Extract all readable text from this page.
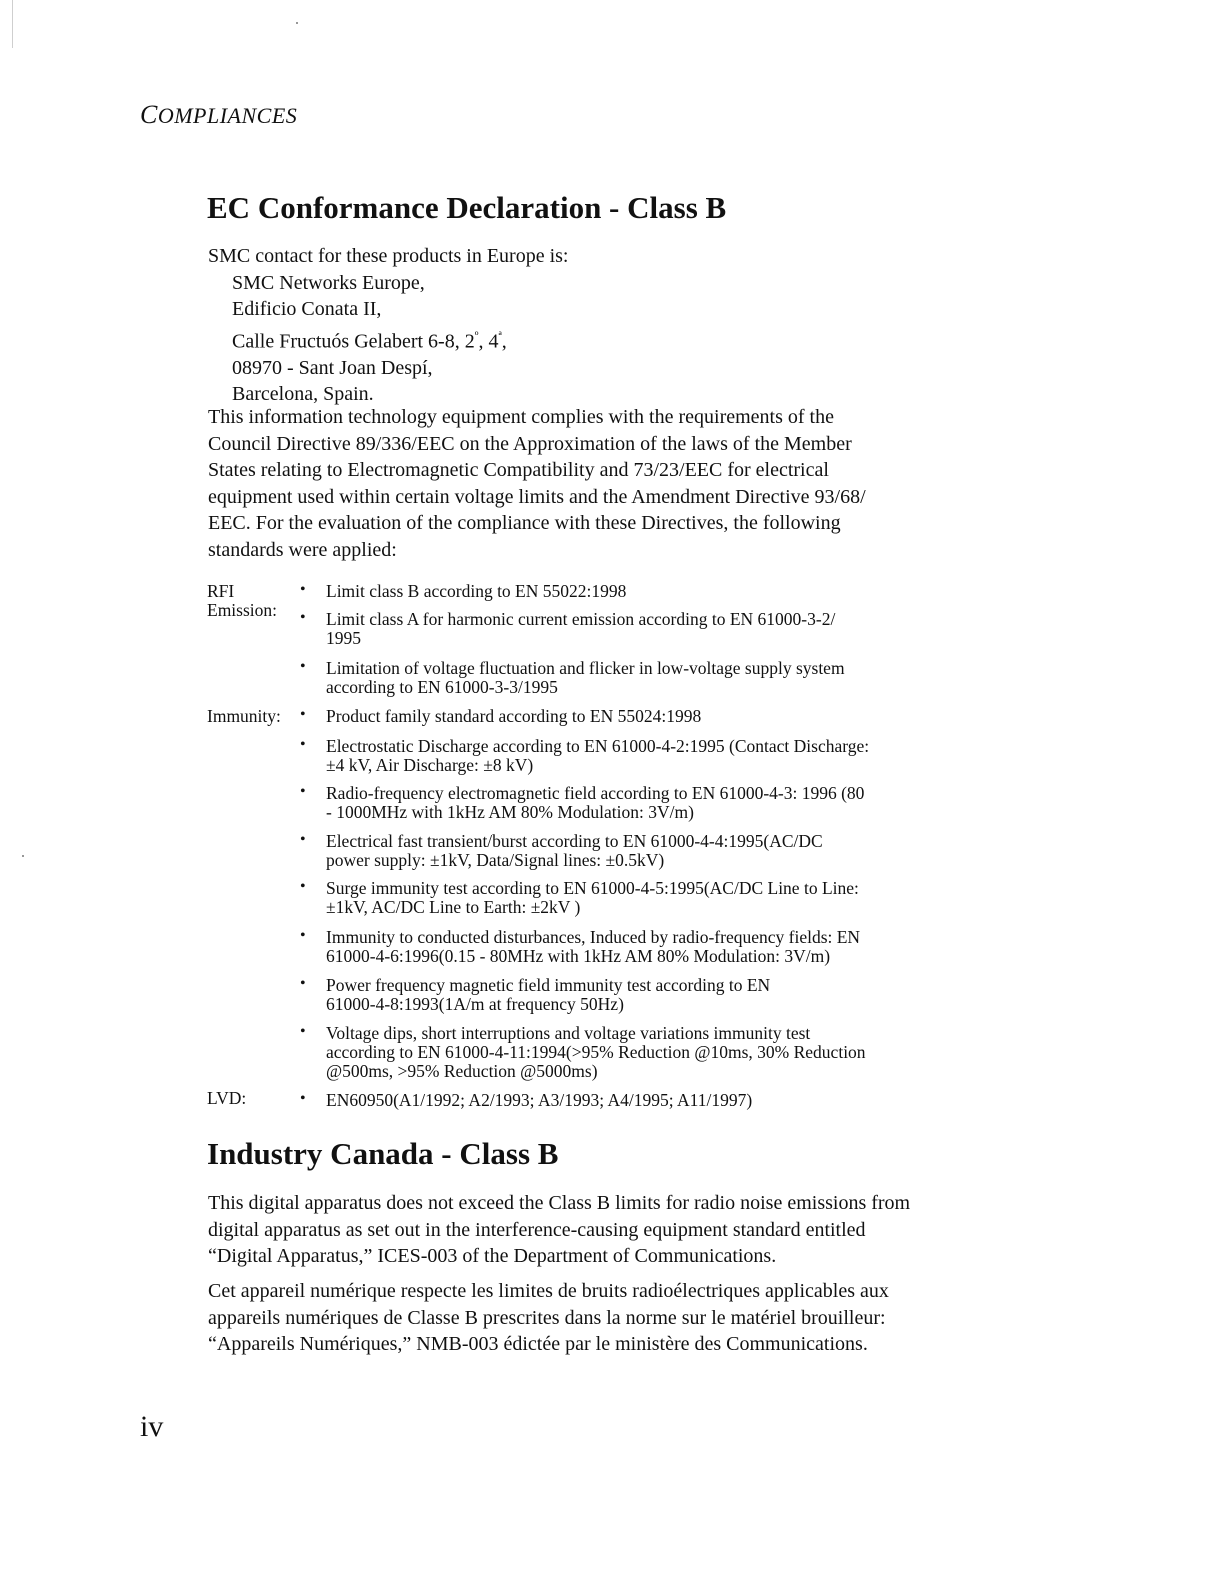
COMPLIANCES
EC Conformance Declaration - Class B
SMC contact for these products in Europe is:
SMC Networks Europe,
Edificio Conata II,
Calle Fructuós Gelabert 6-8, $2^º$, $4^ª$,
08970 - Sant Joan Despí,
Barcelona, Spain.
This information technology equipment complies with the requirements of the
Council Directive 89/336/EEC on the Approximation of the laws of the Member
States relating to Electromagnetic Compatibility and 73/23/EEC for electrical
equipment used within certain voltage limits and the Amendment Directive 93/68/
EEC. For the evaluation of the compliance with these Directives, the following
standards were applied:
RFI
Emission:
Immunity:
LVD:
• Limit class B according to EN 55022:1998
• Limit class A for harmonic current emission according to EN 61000-3-2/
1995
• Limitation of voltage fluctuation and flicker in low-voltage supply system
according to EN 61000-3-3/1995
• Product family standard according to EN 55024:1998
• Electrostatic Discharge according to EN 61000-4-2:1995 (Contact Discharge:
±4 kV, Air Discharge: ±8 kV)
• Radio-frequency electromagnetic field according to EN 61000-4-3: 1996 (80
- 1000MHz with 1kHz AM 80% Modulation: 3V/m)
• Electrical fast transient/burst according to EN 61000-4-4:1995(AC/DC
power supply: ±1kV, Data/Signal lines: ±0.5kV)
• Surge immunity test according to EN 61000-4-5:1995(AC/DC Line to Line:
±1kV, AC/DC Line to Earth: ±2kV )
• Immunity to conducted disturbances, Induced by radio-frequency fields: EN
61000-4-6:1996(0.15 - 80MHz with 1kHz AM 80% Modulation: 3V/m)
• Power frequency magnetic field immunity test according to EN
61000-4-8:1993(1A/m at frequency 50Hz)
• Voltage dips, short interruptions and voltage variations immunity test
according to EN 61000-4-11:1994(>95% Reduction @10ms, 30% Reduction
@500ms, >95% Reduction @5000ms)
• EN60950(A1/1992; A2/1993; A3/1993; A4/1995; A11/1997)
Industry Canada - Class B
This digital apparatus does not exceed the Class B limits for radio noise emissions from
digital apparatus as set out in the interference-causing equipment standard entitled
“Digital Apparatus,” ICES-003 of the Department of Communications.
Cet appareil numérique respecte les limites de bruits radioélectriques applicables aux
appareils numériques de Classe B prescrites dans la norme sur le matériel brouilleur:
“Appareils Numériques,” NMB-003 édictée par le ministère des Communications.
iv
